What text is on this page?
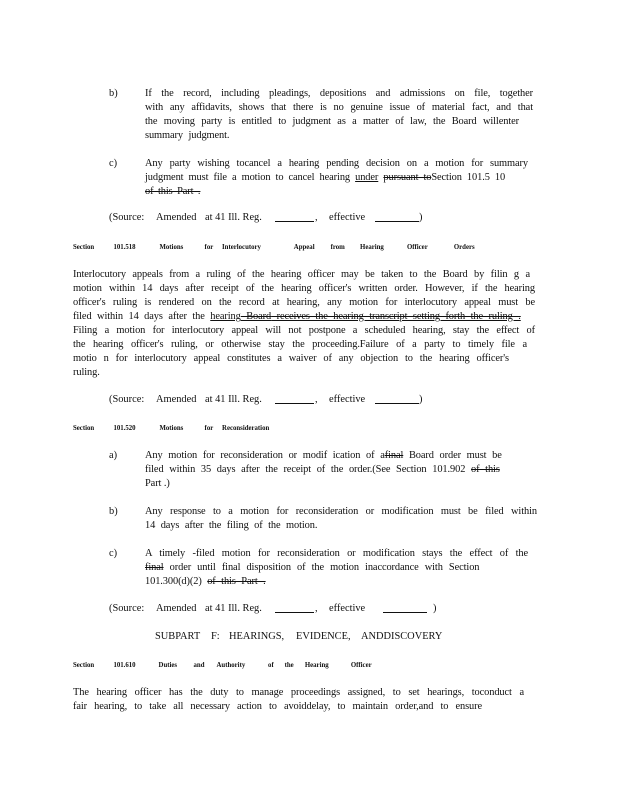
b)	If the record, including pleadings, depositions and admissions on file, together
with any affidavits, shows that there is no genuine issue of material fact, and that
the moving party is entitled to judgment as a matter of law, the Board willenter
summary judgment.
c)	Any party wishing tocancel a hearing pending decision on a motion for summary
judgment must file a motion to cancel hearing under pursuant toSection 101.5 10
of this Part .
(Source: Amended at 41 Ill. Reg.	, effective	)
Section	101.518	Motions	for Interlocutory	Appeal from Hearing	Officer	Orders
Interlocutory appeals from a ruling of the hearing officer may be taken to the Board by filin g a
motion within 14 days after receipt of the hearing officer's written order. However, if the hearing
officer's ruling is rendered on the record at hearing, any motion for interlocutory appeal must be
filed within 14 days after the hearing Board receives the hearing transcript setting forth the ruling .
Filing a motion for interlocutory appeal will not postpone a scheduled hearing, stay the effect of
the hearing officer's ruling, or otherwise stay the proceeding.Failure of a party to timely file a
motio n for interlocutory appeal constitutes a waiver of any objection to the hearing officer's
ruling.
(Source: Amended at 41 Ill. Reg.	, effective	)
Section	101.520	Motions	for Reconsideration
a)	Any motion for reconsideration or modif ication of afinal Board order must be
filed within 35 days after the receipt of the order.(See Section 101.902 of this
Part .)
b)	Any response to a motion for reconsideration or modification must be filed within
14 days after the filing of the motion.
c)	A timely -filed motion for reconsideration or modification stays the effect of the
final order until final disposition of the motion inaccordance with Section
101.300(d)(2) of this Part .
(Source: Amended at 41 Ill. Reg.	, effective	)
SUBPART F: HEARINGS, EVIDENCE, ANDDISCOVERY
Section	101.610	Duties and Authority	of the Hearing	Officer
The hearing officer has the duty to manage proceedings assigned, to set hearings, toconduct a
fair hearing, to take all necessary action to avoiddelay, to maintain order,and to ensure
